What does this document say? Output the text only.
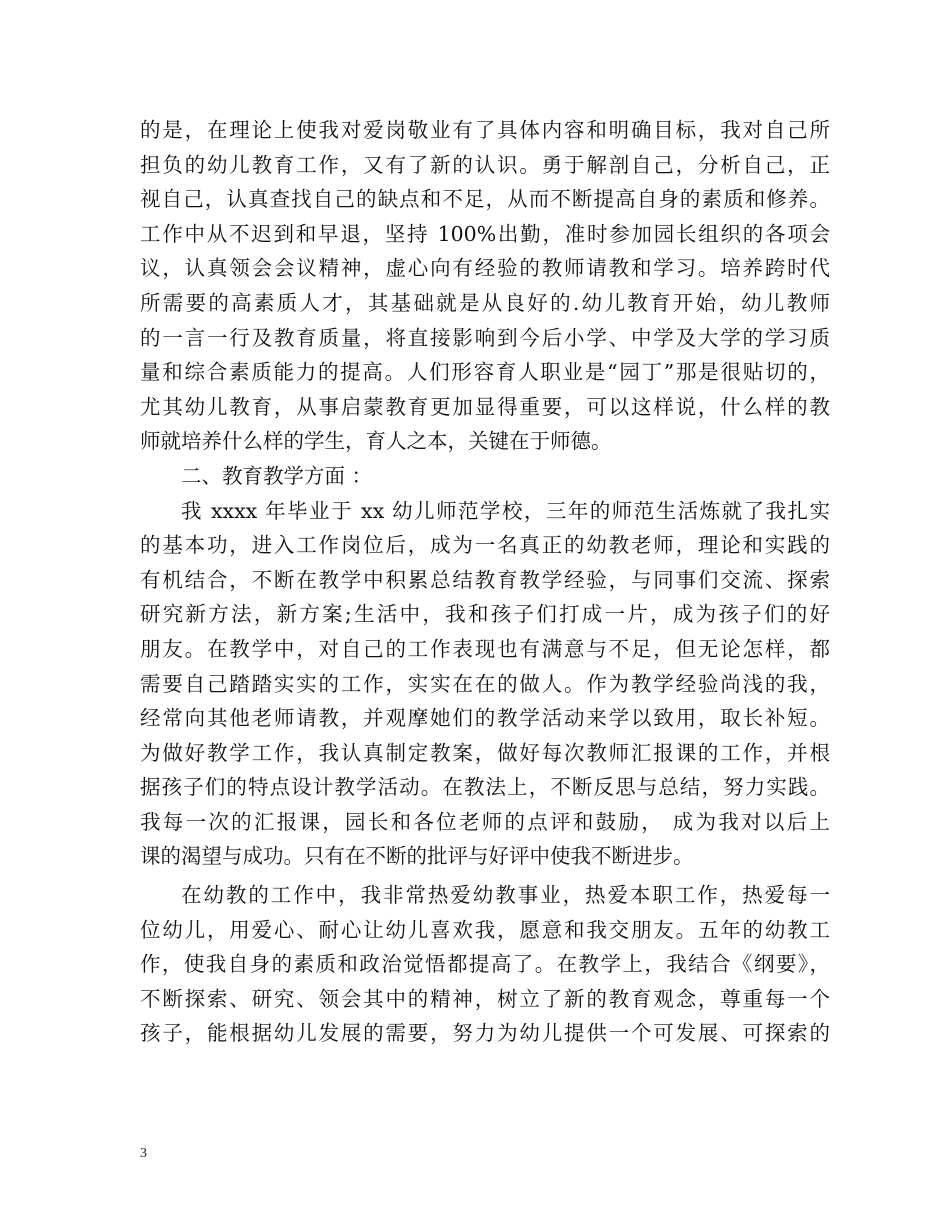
的是，在理论上使我对爱岗敬业有了具体内容和明确目标，我对自己所
担负的幼儿教育工作，又有了新的认识。勇于解剖自己，分析自己，正
视自己，认真查找自己的缺点和不足，从而不断提高自身的素质和修养。
工作中从不迟到和早退，坚持 100%出勤，准时参加园长组织的各项会
议，认真领会会议精神，虚心向有经验的教师请教和学习。培养跨时代
所需要的高素质人才，其基础就是从良好的.幼儿教育开始，幼儿教师
的一言一行及教育质量，将直接影响到今后小学、中学及大学的学习质
量和综合素质能力的提高。人们形容育人职业是“园丁”那是很贴切的，
尤其幼儿教育，从事启蒙教育更加显得重要，可以这样说，什么样的教
师就培养什么样的学生，育人之本，关键在于师德。
二、教育教学方面 ：
我 xxxx 年毕业于 xx 幼儿师范学校，三年的师范生活炼就了我扎实
的基本功，进入工作岗位后，成为一名真正的幼教老师，理论和实践的
有机结合，不断在教学中积累总结教育教学经验，与同事们交流、探索
研究新方法，新方案;生活中，我和孩子们打成一片，成为孩子们的好
朋友。在教学中，对自己的工作表现也有满意与不足，但无论怎样，都
需要自己踏踏实实的工作，实实在在的做人。作为教学经验尚浅的我，
经常向其他老师请教，并观摩她们的教学活动来学以致用，取长补短。
为做好教学工作，我认真制定教案，做好每次教师汇报课的工作，并根
据孩子们的特点设计教学活动。在教法上，不断反思与总结，努力实践。
我每一次的汇报课，园长和各位老师的点评和鼓励， 成为我对以后上
课的渴望与成功。只有在不断的批评与好评中使我不断进步。
在幼教的工作中，我非常热爱幼教事业，热爱本职工作，热爱每一
位幼儿，用爱心、耐心让幼儿喜欢我，愿意和我交朋友。五年的幼教工
作，使我自身的素质和政治觉悟都提高了。在教学上，我结合《纲要》，
不断探索、研究、领会其中的精神，树立了新的教育观念，尊重每一个
孩子，能根据幼儿发展的需要，努力为幼儿提供一个可发展、可探索的
3
